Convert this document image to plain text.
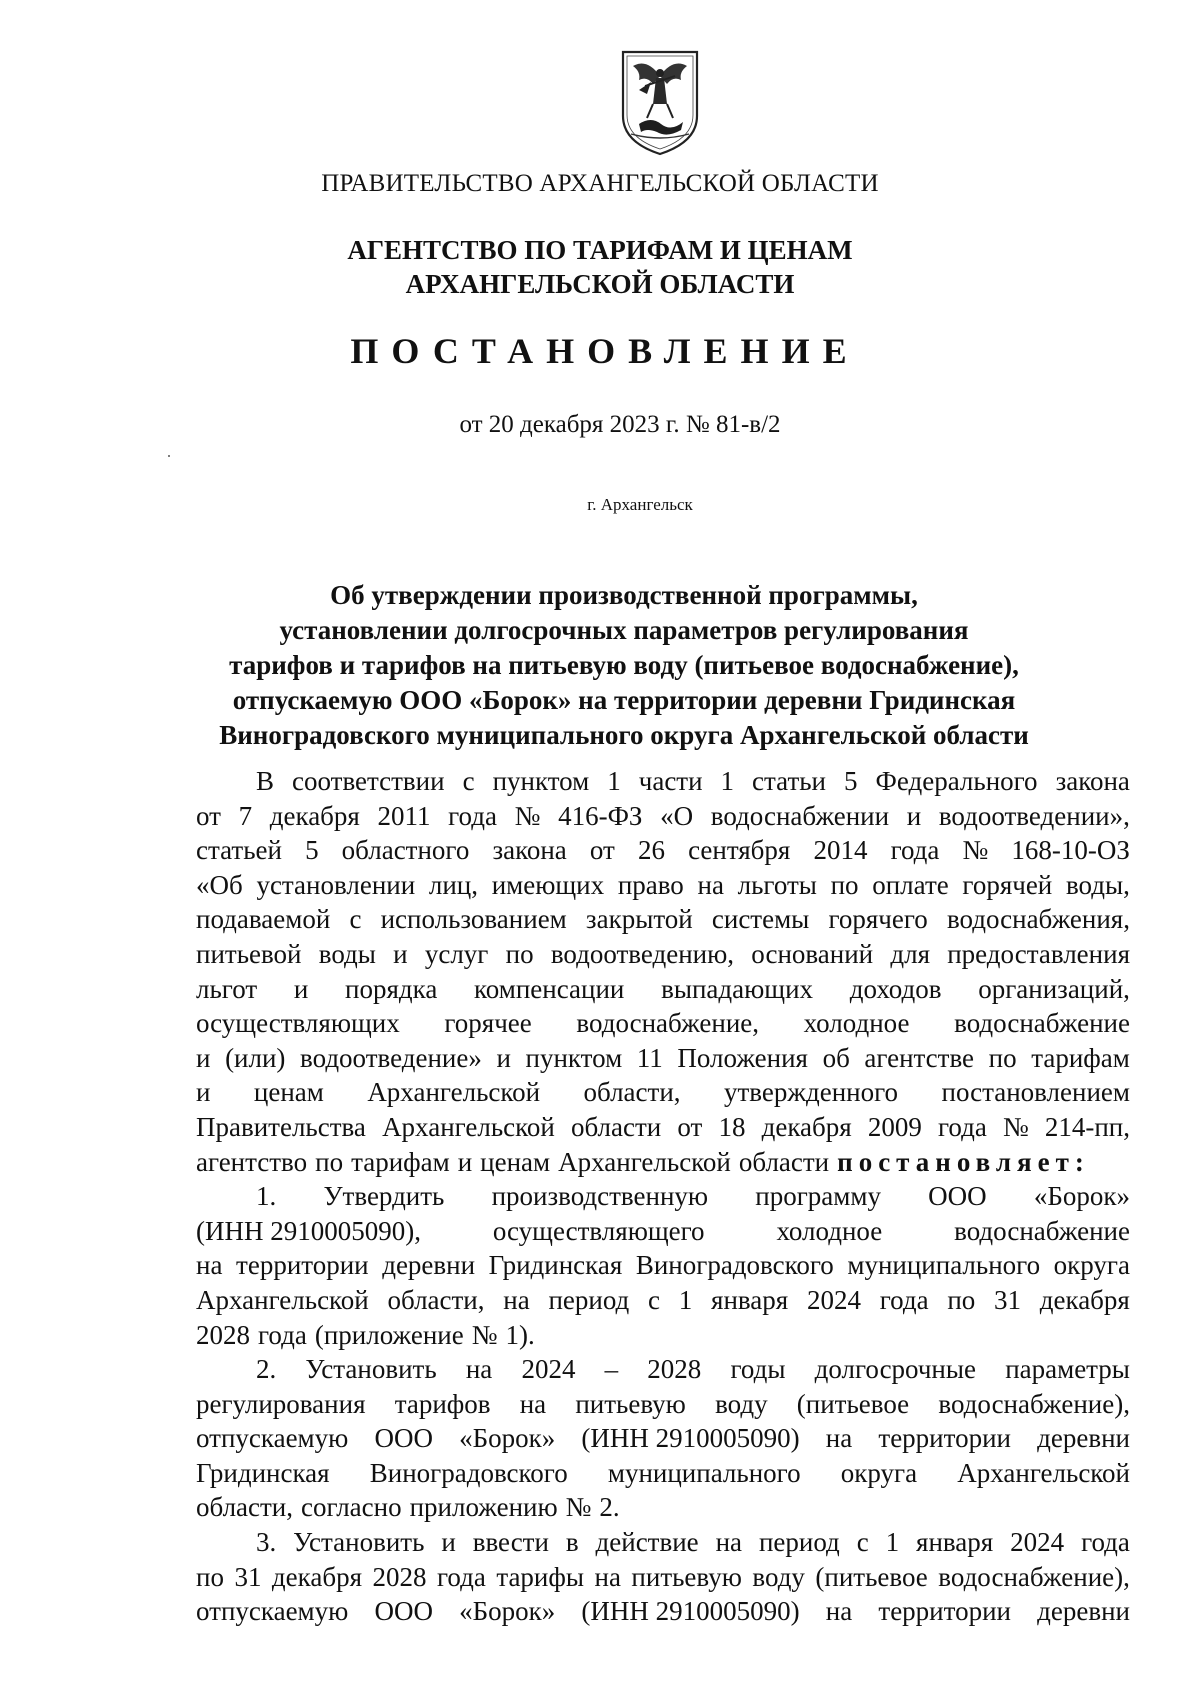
ПРАВИТЕЛЬСТВО АРХАНГЕЛЬСКОЙ ОБЛАСТИ
АГЕНТСТВО ПО ТАРИФАМ И ЦЕНАМ
АРХАНГЕЛЬСКОЙ ОБЛАСТИ
ПОСТАНОВЛЕНИЕ
от 20 декабря 2023 г. № 81-в/2
г. Архангельск
Об утверждении производственной программы,
установлении долгосрочных параметров регулирования
тарифов и тарифов на питьевую воду (питьевое водоснабжение),
отпускаемую ООО «Борок» на территории деревни Гридинская
Виноградовского муниципального округа Архангельской области
В соответствии с пунктом 1 части 1 статьи 5 Федерального закона
от 7 декабря 2011 года № 416-ФЗ «О водоснабжении и водоотведении»,
статьей 5 областного закона от 26 сентября 2014 года № 168-10-ОЗ
«Об установлении лиц, имеющих право на льготы по оплате горячей воды,
подаваемой с использованием закрытой системы горячего водоснабжения,
питьевой воды и услуг по водоотведению, оснований для предоставления
льгот и порядка компенсации выпадающих доходов организаций,
осуществляющих горячее водоснабжение, холодное водоснабжение
и (или) водоотведение» и пунктом 11 Положения об агентстве по тарифам
и ценам Архангельской области, утвержденного постановлением
Правительства Архангельской области от 18 декабря 2009 года № 214-пп,
агентство по тарифам и ценам Архангельской области постановляет:
1. Утвердить производственную программу ООО «Борок»
(ИНН 2910005090),	осуществляющего	холодное	водоснабжение
на территории деревни Гридинская Виноградовского муниципального округа
Архангельской области, на период с 1 января 2024 года по 31 декабря
2028 года (приложение № 1).
2. Установить на 2024 – 2028 годы долгосрочные параметры
регулирования тарифов на питьевую воду (питьевое водоснабжение),
отпускаемую ООО «Борок» (ИНН 2910005090) на территории деревни
Гридинская Виноградовского муниципального округа Архангельской
области, согласно приложению № 2.
3. Установить и ввести в действие на период с 1 января 2024 года
по 31 декабря 2028 года тарифы на питьевую воду (питьевое водоснабжение),
отпускаемую ООО «Борок» (ИНН 2910005090) на территории деревни
